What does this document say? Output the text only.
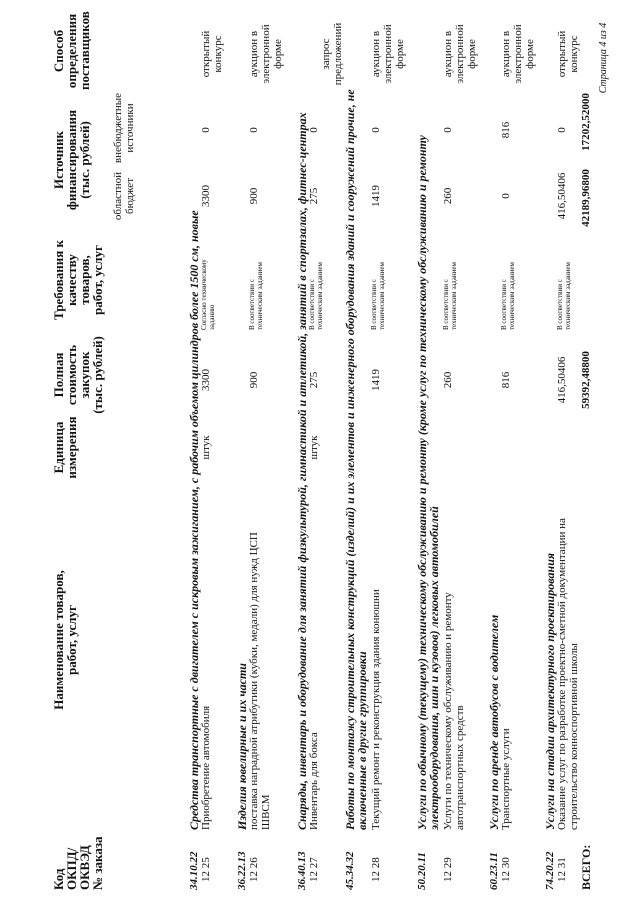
Код
ОКПД/
ОКВЭД
№ заказа
Наименование товаров,
работ, услуг
Единица
измерения
Полная
стоимость
закупок
(тыс. рублей)
Требования к
качеству товаров,
работ, услуг
Источник
финансирования
(тыс. рублей) областной бюджет
внебюджетные источники
Способ
определения
поставщиков
34.10.22
Средства транспортные с двигателем с искровым зажиганием, с рабочим объемом цилиндров более 1500 см, новые
12 25
Приобретение автомобиля
штук
3300
Согласно техническому заданию
3300
0
открытый конкурс
36.22.13
Изделия ювелирные и их части
12 26
поставка наградной атрибутики (кубки, медали) для нужд ЦСП ШВСМ
900
В соответствии с техническим заданием
900
0
аукцион в электронной форме
36.40.13
Снаряды, инвентарь и оборудование для занятий физкультурой, гимнастикой и атлетикой, занятий в спортзалах, фитнес-центрах
12 27
Инвентарь для бокса
штук
275
В соответствии с техническим заданием
275
0
запрос предложений
45.34.32
Работы по монтажу строительных конструкций (изделий) и их элементов и инженерного оборудования зданий и сооружений прочие, не
включенные в другие группировки
12 28
Текущий ремонт и реконструкция здания конюшни
1419
В соответствии с техническим заданием
1419
0
аукцион в электронной форме
50.20.11
Услуги по обычному (текущему) техническому обслуживанию и ремонту (кроме услуг по техническому обслуживанию и ремонту
электрооборудования, шин и кузовов) легковых автомобилей
12 29
Услуги по техническому обслуживанию и ремонту автотранспортных средств
260
В соответствии с техническим заданием
260
0
аукцион в электронной форме
60.23.11
Услуги по аренде автобусов с водителем
12 30
Транспортные услуги
816
В соответствии с техническим заданием
0
816
аукцион в электронной форме
74.20.22
Услуги на стадии архитектурного проектирования
12 31
Оказание услуг по разработке проектно-сметной документации на строительство конноспортивной школы
416,50406
В соответствии с техническим заданием
416,50406
0
открытый конкурс
ВСЕГО:
59392,48800
42189,96800
17202,52000
Страница 4 из 4
